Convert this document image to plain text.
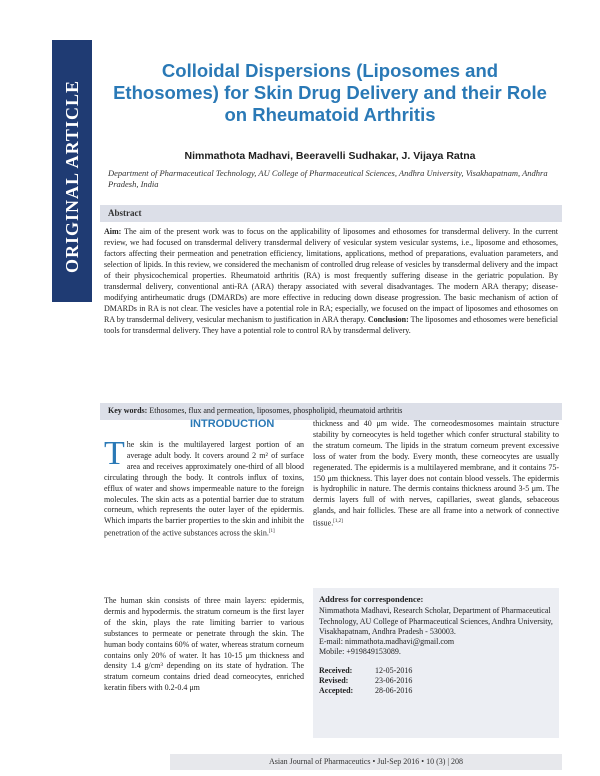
ORIGINAL ARTICLE
Colloidal Dispersions (Liposomes and Ethosomes) for Skin Drug Delivery and their Role on Rheumatoid Arthritis
Nimmathota Madhavi, Beeravelli Sudhakar, J. Vijaya Ratna
Department of Pharmaceutical Technology, AU College of Pharmaceutical Sciences, Andhra University, Visakhapatnam, Andhra Pradesh, India
Abstract
Aim: The aim of the present work was to focus on the applicability of liposomes and ethosomes for transdermal delivery. In the current review, we had focused on transdermal delivery transdermal delivery of vesicular system vesicular systems, i.e., liposome and ethosomes, factors affecting their permeation and penetration efficiency, limitations, applications, method of preparations, evaluation parameters, and selection of lipids. In this review, we considered the mechanism of controlled drug release of vesicles by transdermal delivery and the impact of their physicochemical properties. Rheumatoid arthritis (RA) is most frequently suffering disease in the geriatric population. By transdermal delivery, conventional anti-RA (ARA) therapy associated with several disadvantages. The modern ARA therapy; disease-modifying antirheumatic drugs (DMARDs) are more effective in reducing down disease progression. The basic mechanism of action of DMARDs in RA is not clear. The vesicles have a potential role in RA; especially, we focused on the impact of liposomes and ethosomes on RA by transdermal delivery, vesicular mechanism to justification in ARA therapy. Conclusion: The liposomes and ethosomes were beneficial tools for transdermal delivery. They have a potential role to control RA by transdermal delivery.
Key words: Ethosomes, flux and permeation, liposomes, phospholipid, rheumatoid arthritis
INTRODUCTION
The skin is the multilayered largest portion of an average adult body. It covers around 2 m² of surface area and receives approximately one-third of all blood circulating through the body. It controls influx of toxins, efflux of water and shows impermeable nature to the foreign molecules. The skin acts as a potential barrier due to stratum corneum, which represents the outer layer of the epidermis. Which imparts the barrier properties to the skin and inhibit the penetration of the active substances across the skin.[1]
The human skin consists of three main layers: epidermis, dermis and hypodermis. the stratum corneum is the first layer of the skin, plays the rate limiting barrier to various substances to permeate or penetrate through the skin. The human body contains 60% of water, whereas stratum corneum contains only 20% of water. It has 10-15 μm thickness and density 1.4 g/cm³ depending on its state of hydration. The stratum corneum contains dried dead corneocytes, enriched keratin fibers with 0.2-0.4 μm
thickness and 40 μm wide. The corneodesmosomes maintain structure stability by corneocytes is held together which confer structural stability to the stratum corneum. The lipids in the stratum corneum prevent excessive loss of water from the body. Every month, these corneocytes are usually regenerated. The epidermis is a multilayered membrane, and it contains 75-150 μm thickness. This layer does not contain blood vessels. The epidermis is hydrophilic in nature. The dermis contains thickness around 3-5 μm. The dermis layers full of with nerves, capillaries, sweat glands, sebaceous glands, and hair follicles. These are all frame into a network of connective tissue.[1,2]
Address for correspondence:
Nimmathota Madhavi, Research Scholar, Department of Pharmaceutical Technology, AU College of Pharmaceutical Sciences, Andhra University, Visakhapatnam, Andhra Pradesh - 530003.
E-mail: nimmathota.madhavi@gmail.com
Mobile: +919849153089.
Received:	12-05-2016
Revised:	23-06-2016
Accepted:	28-06-2016
Asian Journal of Pharmaceutics • Jul-Sep 2016 • 10 (3) | 208
